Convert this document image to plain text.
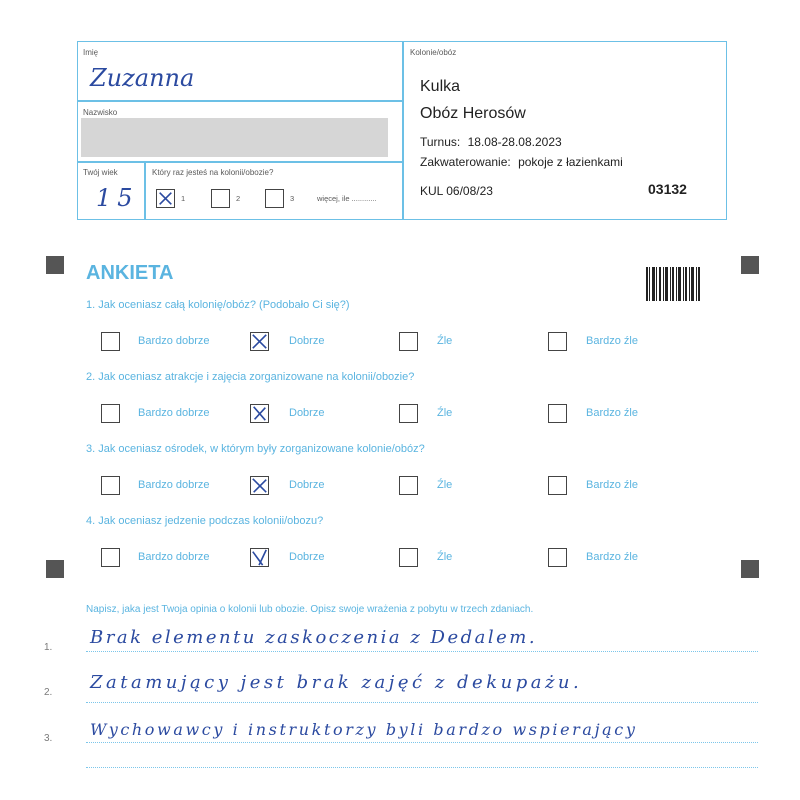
Imię
Zuzanna
Nazwisko
Twój wiek
15
Który raz jesteś na kolonii/obozie?
1	2	3	więcej, ile ............
Kolonie/obóz
Kulka
Obóz Herosów
Turnus: 18.08-28.08.2023
Zakwaterowanie: pokoje z łazienkami
KUL 06/08/23	03132
ANKIETA
1. Jak oceniasz całą kolonię/obóz? (Podobało Ci się?)
2. Jak oceniasz atrakcje i zajęcia zorganizowane na kolonii/obozie?
3. Jak oceniasz ośrodek, w którym były zorganizowane kolonie/obóz?
4. Jak oceniasz jedzenie podczas kolonii/obozu?
Bardzo dobrze	Dobrze	Źle	Bardzo źle
Bardzo dobrze	Dobrze	Źle	Bardzo źle
Bardzo dobrze	Dobrze	Źle	Bardzo źle
Bardzo dobrze	Dobrze	Źle	Bardzo źle
Napisz, jaka jest Twoja opinia o kolonii lub obozie. Opisz swoje wrażenia z pobytu w trzech zdaniach.
1. Brak elementu zaskoczenia z Dedalem.
2. Zatamujący jest brak zajęć z dekupażu.
3. Wychowawcy i instruktorzy byli bardzo wspierający
